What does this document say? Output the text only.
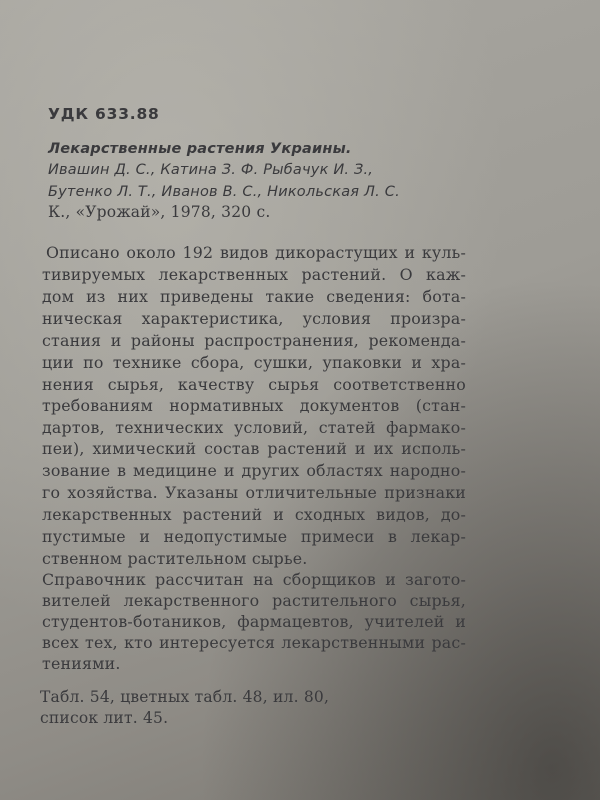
УДК 633.88
Лекарственные растения Украины.
Ивашин Д. С., Катина З. Ф. Рыбачук И. З.,
Бутенко Л. Т., Иванов В. С., Никольская Л. С.
К., «Урожай», 1978, 320 с.
Описано около 192 видов дикорастущих и куль-
тивируемых лекарственных растений. О каж-
дом из них приведены такие сведения: бота-
ническая характеристика, условия произра-
стания и районы распространения, рекоменда-
ции по технике сбора, сушки, упаковки и хра-
нения сырья, качеству сырья соответственно
требованиям нормативных документов (стан-
дартов, технических условий, статей фармако-
пеи), химический состав растений и их исполь-
зование в медицине и других областях народно-
го хозяйства. Указаны отличительные признаки
лекарственных растений и сходных видов, до-
пустимые и недопустимые примеси в лекар-
ственном растительном сырье.
Справочник рассчитан на сборщиков и загото-
вителей лекарственного растительного сырья,
студентов-ботаников, фармацевтов, учителей и
всех тех, кто интересуется лекарственными рас-
тениями.
Табл. 54, цветных табл. 48, ил. 80,
список лит. 45.
